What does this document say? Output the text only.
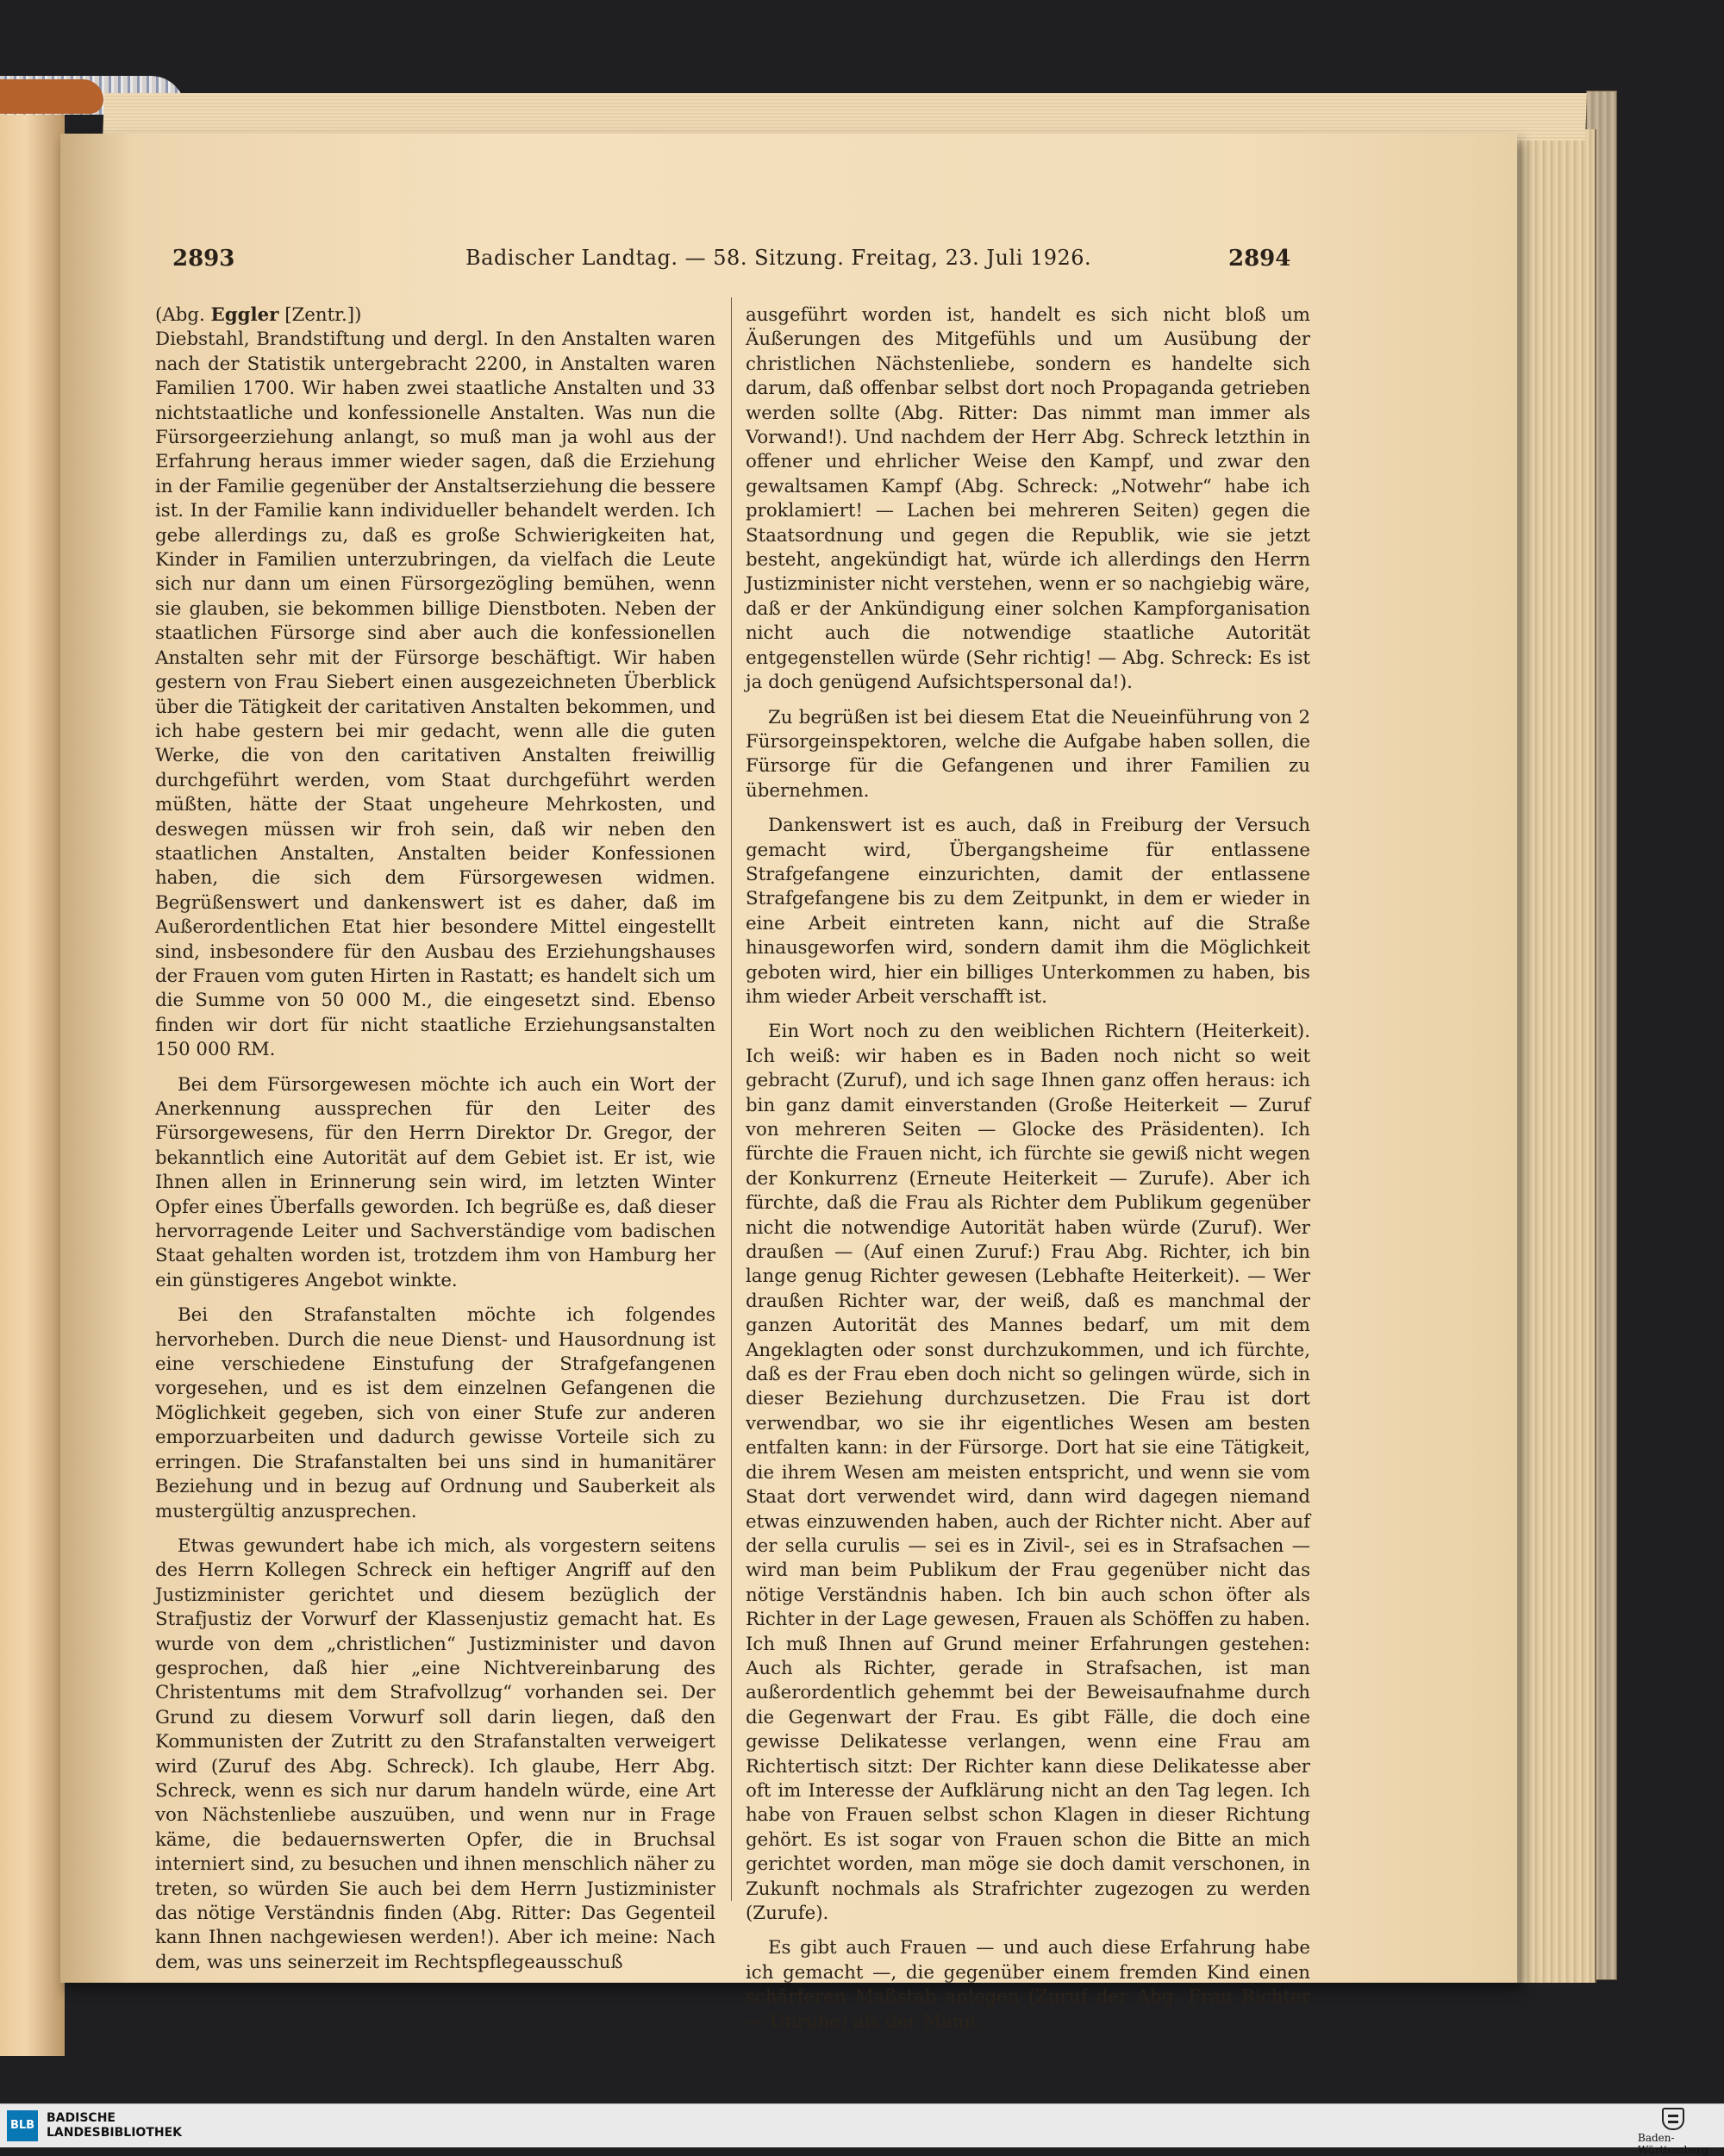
2893	Badischer Landtag. — 58. Sitzung. Freitag, 23. Juli 1926.	2894

(Abg. Eggler [Zentr.])

Diebstahl, Brandstiftung und dergl. In den Anstalten waren nach der Statistik untergebracht 2200, in Anstalten waren Familien 1700. Wir haben zwei staatliche Anstalten und 33 nichtstaatliche und konfessionelle Anstalten. Was nun die Fürsorgeerziehung anlangt, so muß man ja wohl aus der Erfahrung heraus immer wieder sagen, daß die Erziehung in der Familie gegenüber der Anstaltserziehung die bessere ist. In der Familie kann individueller behandelt werden. Ich gebe allerdings zu, daß es große Schwierigkeiten hat, Kinder in Familien unterzubringen, da vielfach die Leute sich nur dann um einen Fürsorgezögling bemühen, wenn sie glauben, sie bekommen billige Dienstboten. Neben der staatlichen Fürsorge sind aber auch die konfessionellen Anstalten sehr mit der Fürsorge beschäftigt. Wir haben gestern von Frau Siebert einen ausgezeichneten Überblick über die Tätigkeit der caritativen Anstalten bekommen, und ich habe gestern bei mir gedacht, wenn alle die guten Werke, die von den caritativen Anstalten freiwillig durchgeführt werden, vom Staat durchgeführt werden müßten, hätte der Staat ungeheure Mehrkosten, und deswegen müssen wir froh sein, daß wir neben den staatlichen Anstalten, Anstalten beider Konfessionen haben, die sich dem Fürsorgewesen widmen. Begrüßenswert und dankenswert ist es daher, daß im Außerordentlichen Etat hier besondere Mittel eingestellt sind, insbesondere für den Ausbau des Erziehungshauses der Frauen vom guten Hirten in Rastatt; es handelt sich um die Summe von 50 000 M., die eingesetzt sind. Ebenso finden wir dort für nicht staatliche Erziehungsanstalten 150 000 RM.

Bei dem Fürsorgewesen möchte ich auch ein Wort der Anerkennung aussprechen für den Leiter des Fürsorgewesens, für den Herrn Direktor Dr. Gregor, der bekanntlich eine Autorität auf dem Gebiet ist. Er ist, wie Ihnen allen in Erinnerung sein wird, im letzten Winter Opfer eines Überfalls geworden. Ich begrüße es, daß dieser hervorragende Leiter und Sachverständige vom badischen Staat gehalten worden ist, trotzdem ihm von Hamburg her ein günstigeres Angebot winkte.

Bei den Strafanstalten möchte ich folgendes hervorheben. Durch die neue Dienst- und Hausordnung ist eine verschiedene Einstufung der Strafgefangenen vorgesehen, und es ist dem einzelnen Gefangenen die Möglichkeit gegeben, sich von einer Stufe zur anderen emporzuarbeiten und dadurch gewisse Vorteile sich zu erringen. Die Strafanstalten bei uns sind in humanitärer Beziehung und in bezug auf Ordnung und Sauberkeit als mustergültig anzusprechen.

Etwas gewundert habe ich mich, als vorgestern seitens des Herrn Kollegen Schreck ein heftiger Angriff auf den Justizminister gerichtet und diesem bezüglich der Strafjustiz der Vorwurf der Klassenjustiz gemacht hat. Es wurde von dem „christlichen“ Justizminister und davon gesprochen, daß hier „eine Nichtvereinbarung des Christentums mit dem Strafvollzug“ vorhanden sei. Der Grund zu diesem Vorwurf soll darin liegen, daß den Kommunisten der Zutritt zu den Strafanstalten verweigert wird (Zuruf des Abg. Schreck). Ich glaube, Herr Abg. Schreck, wenn es sich nur darum handeln würde, eine Art von Nächstenliebe auszuüben, und wenn nur in Frage käme, die bedauernswerten Opfer, die in Bruchsal interniert sind, zu besuchen und ihnen menschlich näher zu treten, so würden Sie auch bei dem Herrn Justizminister das nötige Verständnis finden (Abg. Ritter: Das Gegenteil kann Ihnen nachgewiesen werden!). Aber ich meine: Nach dem, was uns seinerzeit im Rechtspflegeausschuß

ausgeführt worden ist, handelt es sich nicht bloß um Äußerungen des Mitgefühls und um Ausübung der christlichen Nächstenliebe, sondern es handelte sich darum, daß offenbar selbst dort noch Propaganda getrieben werden sollte (Abg. Ritter: Das nimmt man immer als Vorwand!). Und nachdem der Herr Abg. Schreck letzthin in offener und ehrlicher Weise den Kampf, und zwar den gewaltsamen Kampf (Abg. Schreck: „Notwehr“ habe ich proklamiert! — Lachen bei mehreren Seiten) gegen die Staatsordnung und gegen die Republik, wie sie jetzt besteht, angekündigt hat, würde ich allerdings den Herrn Justizminister nicht verstehen, wenn er so nachgiebig wäre, daß er der Ankündigung einer solchen Kampforganisation nicht auch die notwendige staatliche Autorität entgegenstellen würde (Sehr richtig! — Abg. Schreck: Es ist ja doch genügend Aufsichtspersonal da!).

Zu begrüßen ist bei diesem Etat die Neueinführung von 2 Fürsorgeinspektoren, welche die Aufgabe haben sollen, die Fürsorge für die Gefangenen und ihrer Familien zu übernehmen.

Dankenswert ist es auch, daß in Freiburg der Versuch gemacht wird, Übergangsheime für entlassene Strafgefangene einzurichten, damit der entlassene Strafgefangene bis zu dem Zeitpunkt, in dem er wieder in eine Arbeit eintreten kann, nicht auf die Straße hinausgeworfen wird, sondern damit ihm die Möglichkeit geboten wird, hier ein billiges Unterkommen zu haben, bis ihm wieder Arbeit verschafft ist.

Ein Wort noch zu den weiblichen Richtern (Heiterkeit). Ich weiß: wir haben es in Baden noch nicht so weit gebracht (Zuruf), und ich sage Ihnen ganz offen heraus: ich bin ganz damit einverstanden (Große Heiterkeit — Zuruf von mehreren Seiten — Glocke des Präsidenten). Ich fürchte die Frauen nicht, ich fürchte sie gewiß nicht wegen der Konkurrenz (Erneute Heiterkeit — Zurufe). Aber ich fürchte, daß die Frau als Richter dem Publikum gegenüber nicht die notwendige Autorität haben würde (Zuruf). Wer draußen — (Auf einen Zuruf:) Frau Abg. Richter, ich bin lange genug Richter gewesen (Lebhafte Heiterkeit). — Wer draußen Richter war, der weiß, daß es manchmal der ganzen Autorität des Mannes bedarf, um mit dem Angeklagten oder sonst durchzukommen, und ich fürchte, daß es der Frau eben doch nicht so gelingen würde, sich in dieser Beziehung durchzusetzen. Die Frau ist dort verwendbar, wo sie ihr eigentliches Wesen am besten entfalten kann: in der Fürsorge. Dort hat sie eine Tätigkeit, die ihrem Wesen am meisten entspricht, und wenn sie vom Staat dort verwendet wird, dann wird dagegen niemand etwas einzuwenden haben, auch der Richter nicht. Aber auf der sella curulis — sei es in Zivil-, sei es in Strafsachen — wird man beim Publikum der Frau gegenüber nicht das nötige Verständnis haben. Ich bin auch schon öfter als Richter in der Lage gewesen, Frauen als Schöffen zu haben. Ich muß Ihnen auf Grund meiner Erfahrungen gestehen: Auch als Richter, gerade in Strafsachen, ist man außerordentlich gehemmt bei der Beweisaufnahme durch die Gegenwart der Frau. Es gibt Fälle, die doch eine gewisse Delikatesse verlangen, wenn eine Frau am Richtertisch sitzt: Der Richter kann diese Delikatesse aber oft im Interesse der Aufklärung nicht an den Tag legen. Ich habe von Frauen selbst schon Klagen in dieser Richtung gehört. Es ist sogar von Frauen schon die Bitte an mich gerichtet worden, man möge sie doch damit verschonen, in Zukunft nochmals als Strafrichter zugezogen zu werden (Zurufe).

Es gibt auch Frauen — und auch diese Erfahrung habe ich gemacht —, die gegenüber einem fremden Kind einen schärferen Maßstab anlegen (Zuruf der Abg. Frau Richter — Unruhe) als der Mann.

BLB
BADISCHE
LANDESBIBLIOTHEK	Baden-Württemberg
